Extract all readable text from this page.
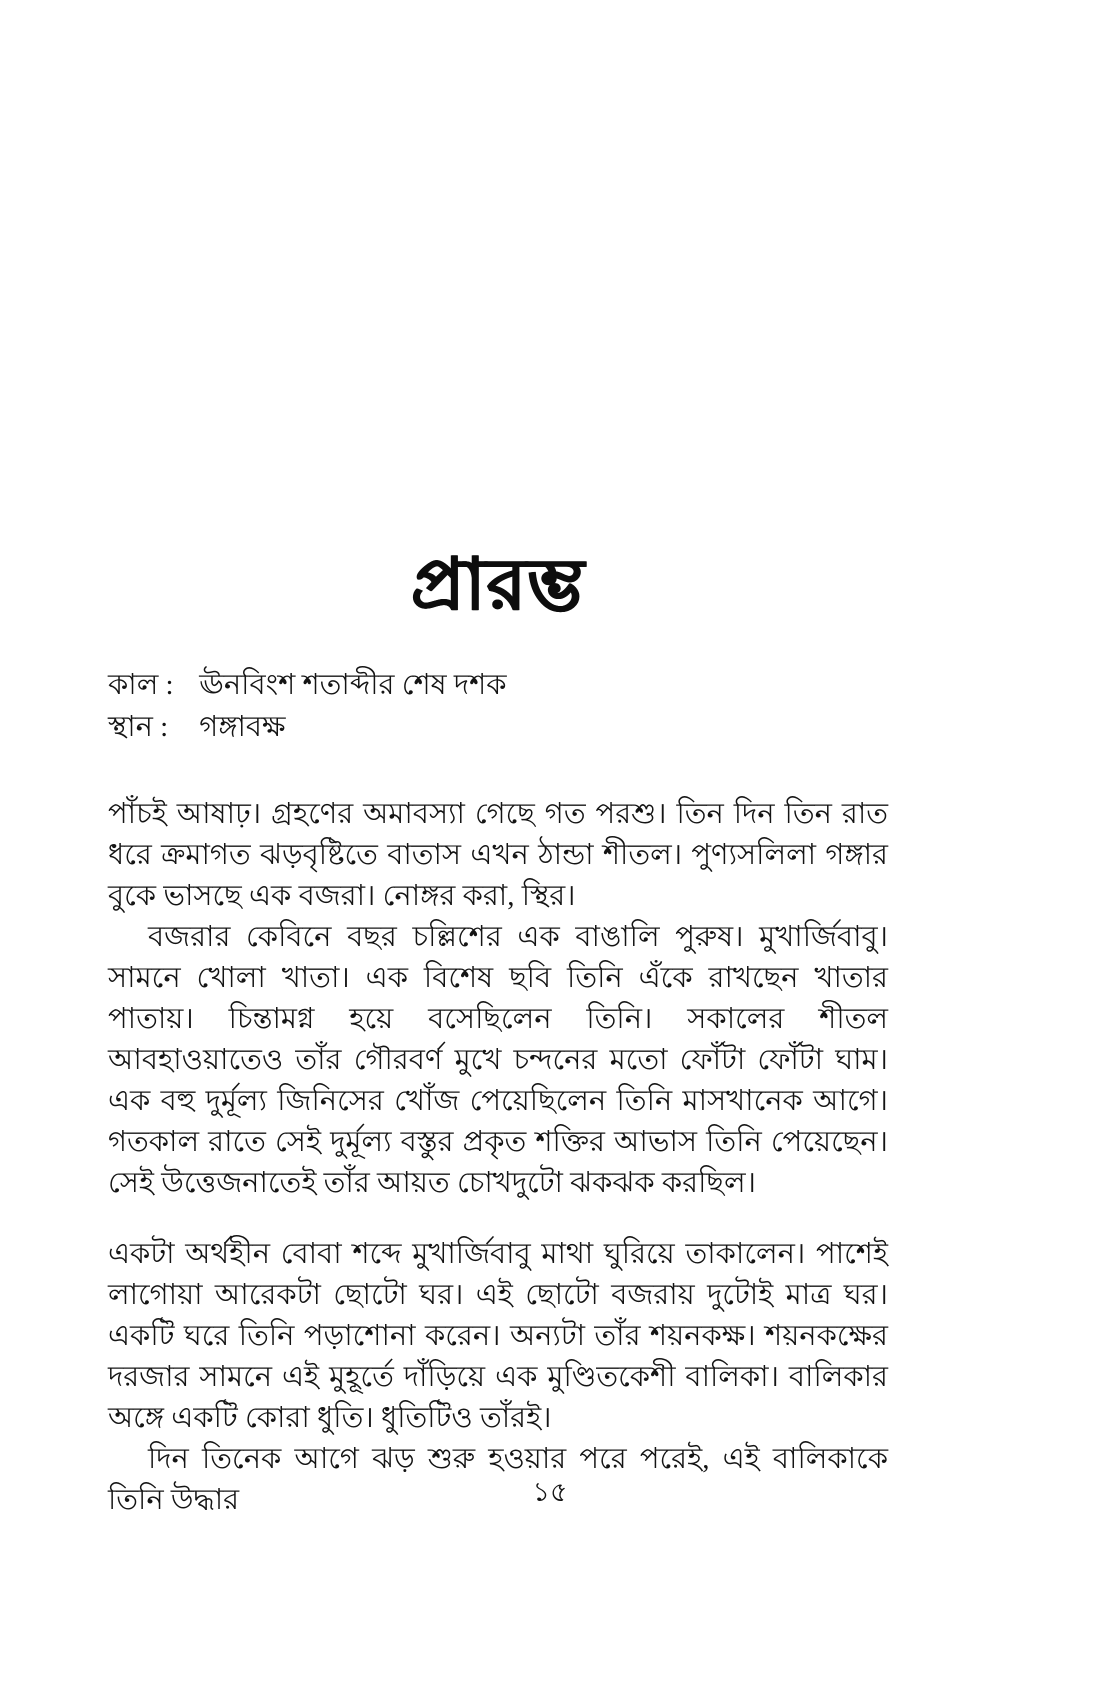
প্রারম্ভ
কাল : ঊনবিংশ শতাব্দীর শেষ দশক
স্থান : গঙ্গাবক্ষ

পাঁচই আষাঢ়। গ্রহণের অমাবস্যা গেছে গত পরশু। তিন দিন তিন রাত ধরে ক্রমাগত ঝড়বৃষ্টিতে বাতাস এখন ঠান্ডা শীতল। পুণ্যসলিলা গঙ্গার বুকে ভাসছে এক বজরা। নোঙ্গর করা, স্থির।

বজরার কেবিনে বছর চল্লিশের এক বাঙালি পুরুষ। মুখার্জিবাবু। সামনে খোলা খাতা। এক বিশেষ ছবি তিনি এঁকে রাখছেন খাতার পাতায়। চিন্তামগ্ন হয়ে বসেছিলেন তিনি। সকালের শীতল আবহাওয়াতেও তাঁর গৌরবর্ণ মুখে চন্দনের মতো ফোঁটা ফোঁটা ঘাম। এক বহু দুর্মূল্য জিনিসের খোঁজ পেয়েছিলেন তিনি মাসখানেক আগে। গতকাল রাতে সেই দুর্মূল্য বস্তুর প্রকৃত শক্তির আভাস তিনি পেয়েছেন। সেই উত্তেজনাতেই তাঁর আয়ত চোখদুটো ঝকঝক করছিল।

একটা অর্থহীন বোবা শব্দে মুখার্জিবাবু মাথা ঘুরিয়ে তাকালেন। পাশেই লাগোয়া আরেকটা ছোটো ঘর। এই ছোটো বজরায় দুটোই মাত্র ঘর। একটি ঘরে তিনি পড়াশোনা করেন। অন্যটা তাঁর শয়নকক্ষ। শয়নকক্ষের দরজার সামনে এই মুহূর্তে দাঁড়িয়ে এক মুণ্ডিতকেশী বালিকা। বালিকার অঙ্গে একটি কোরা ধুতি। ধুতিটিও তাঁরই।

দিন তিনেক আগে ঝড় শুরু হওয়ার পরে পরেই, এই বালিকাকে তিনি উদ্ধার	১৫
